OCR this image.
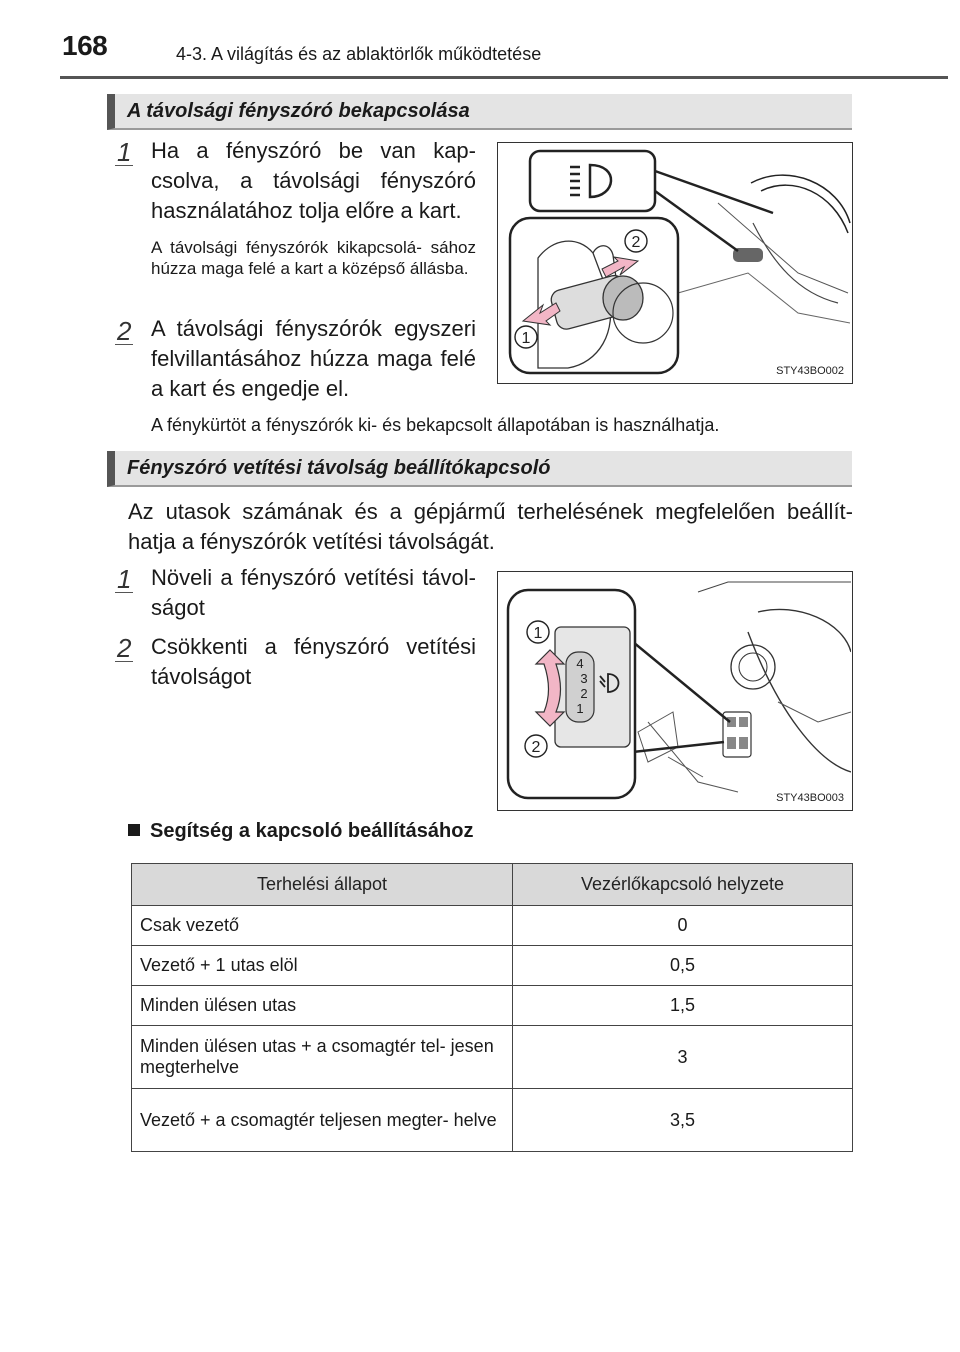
168	4-3. A világítás és az ablaktörlők működtetése
A távolsági fényszóró bekapcsolása
1 Ha a fényszóró be van kap- csolva, a távolsági fényszóró használatához tolja előre a kart.
A távolsági fényszórók kikapcsolá- sához húzza maga felé a kart a középső állásba.
2 A távolsági fényszórók egyszeri felvillantásához húzza maga felé a kart és engedje el.
A fénykürtöt a fényszórók ki- és bekapcsolt állapotában is használhatja.
2
1
STY43BO002
Fényszóró vetítési távolság beállítókapcsoló
Az utasok számának és a gépjármű terhelésének megfelelően beállít- hatja a fényszórók vetítési távolságát.
1 Növeli a fényszóró vetítési távol- ságot
2 Csökkenti a fényszóró vetítési távolságot
4
3
2
1
1
2
STY43BO003
Segítség a kapcsoló beállításához
Terhelési állapot	Vezérlőkapcsoló helyzete
Csak vezető	0
Vezető + 1 utas elöl	0,5
Minden ülésen utas	1,5
Minden ülésen utas + a csomagtér tel- jesen megterhelve	3
Vezető + a csomagtér teljesen megter- helve	3,5
